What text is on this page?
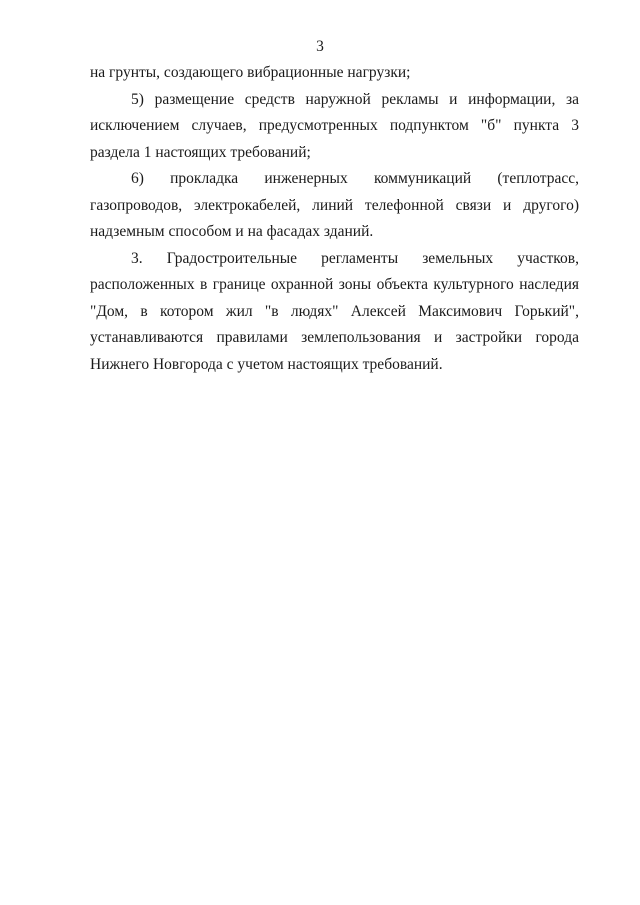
3

на грунты, создающего вибрационные нагрузки;

5) размещение средств наружной рекламы и информации, за исключением случаев, предусмотренных подпунктом "б" пункта 3 раздела 1 настоящих требований;

6) прокладка инженерных коммуникаций (теплотрасс, газопроводов, электрокабелей, линий телефонной связи и другого) надземным способом и на фасадах зданий.

3. Градостроительные регламенты земельных участков, расположенных в границе охранной зоны объекта культурного наследия "Дом, в котором жил "в людях" Алексей Максимович Горький", устанавливаются правилами землепользования и застройки города Нижнего Новгорода с учетом настоящих требований.
